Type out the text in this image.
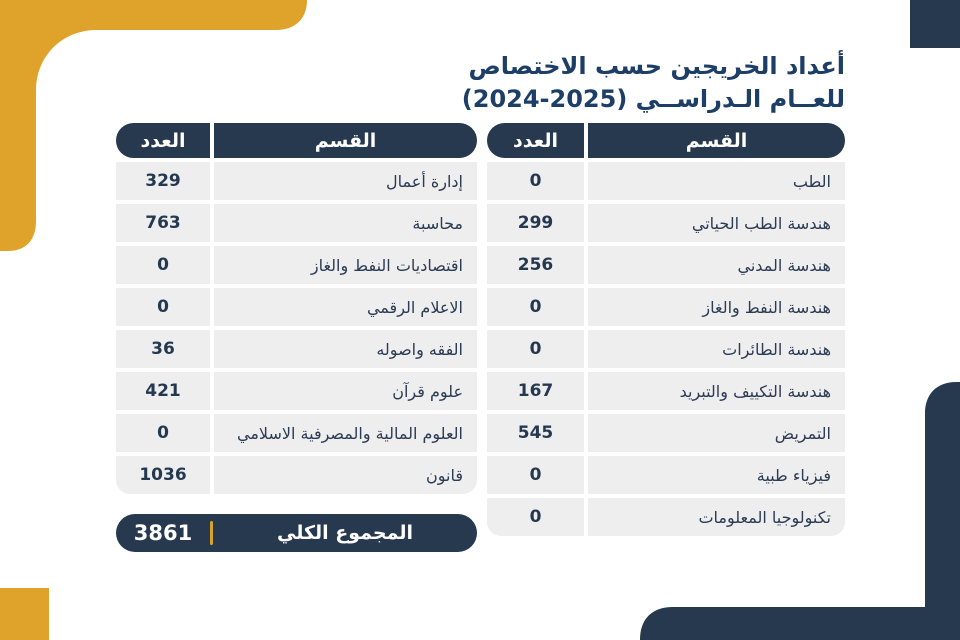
أعداد الخريجين حسب الاختصاص
للعــام الـدراســي (2025-2024)
القسم
العدد
الطب
0
هندسة الطب الحياتي
299
هندسة المدني
256
هندسة النفط والغاز
0
هندسة الطائرات
0
هندسة التكييف والتبريد
167
التمريض
545
فيزياء طبية
0
تكنولوجيا المعلومات
0
القسم
العدد
إدارة أعمال
329
محاسبة
763
اقتصاديات النفط والغاز
0
الاعلام الرقمي
0
الفقه واصوله
36
علوم قرآن
421
العلوم المالية والمصرفية الاسلامي
0
قانون
1036
المجموع الكلي
3861
